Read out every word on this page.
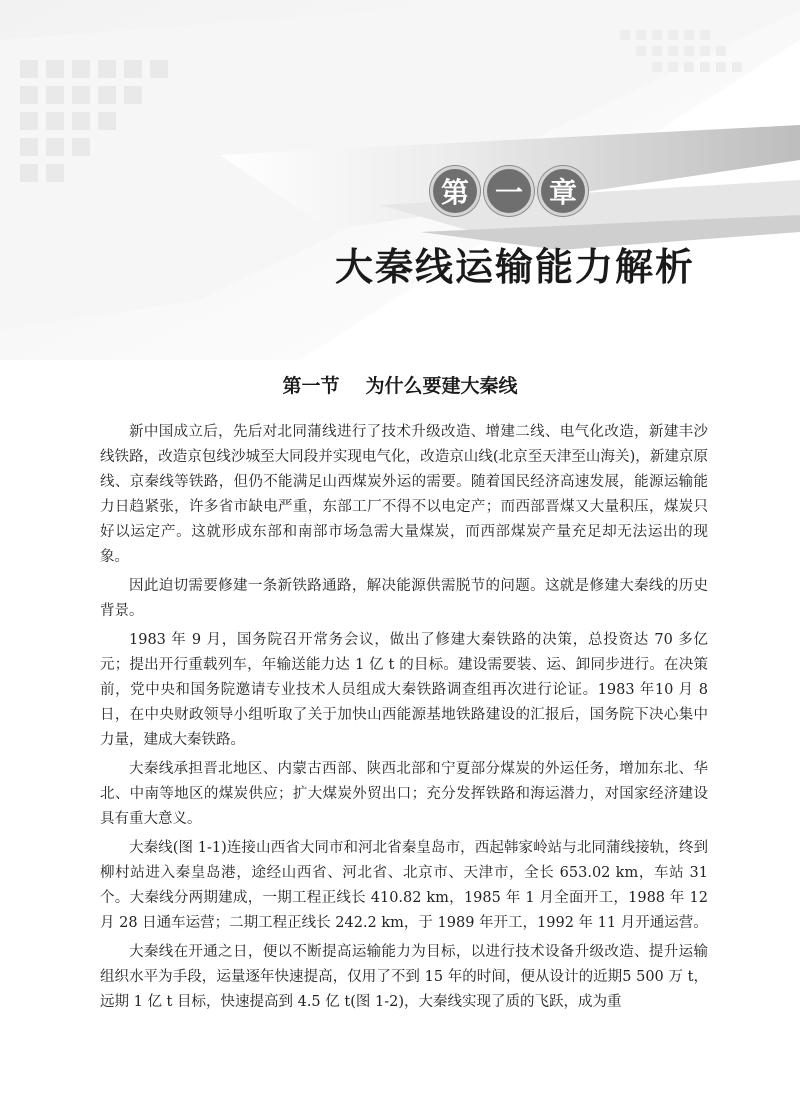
第 一 章
大秦线运输能力解析
第一节 为什么要建大秦线

新中国成立后，先后对北同蒲线进行了技术升级改造、增建二线、电气化改造，新建丰沙线铁路，改造京包线沙城至大同段并实现电气化，改造京山线(北京至天津至山海关)，新建京原线、京秦线等铁路，但仍不能满足山西煤炭外运的需要。随着国民经济高速发展，能源运输能力日趋紧张，许多省市缺电严重，东部工厂不得不以电定产；而西部晋煤又大量积压，煤炭只好以运定产。这就形成东部和南部市场急需大量煤炭，而西部煤炭产量充足却无法运出的现象。

因此迫切需要修建一条新铁路通路，解决能源供需脱节的问题。这就是修建大秦线的历史背景。

1983 年 9 月，国务院召开常务会议，做出了修建大秦铁路的决策，总投资达 70 多亿元；提出开行重载列车，年输送能力达 1 亿 t 的目标。建设需要装、运、卸同步进行。在决策前，党中央和国务院邀请专业技术人员组成大秦铁路调查组再次进行论证。1983 年10 月 8 日，在中央财政领导小组听取了关于加快山西能源基地铁路建设的汇报后，国务院下决心集中力量，建成大秦铁路。

大秦线承担晋北地区、内蒙古西部、陕西北部和宁夏部分煤炭的外运任务，增加东北、华北、中南等地区的煤炭供应；扩大煤炭外贸出口；充分发挥铁路和海运潜力，对国家经济建设具有重大意义。

大秦线(图 1-1)连接山西省大同市和河北省秦皇岛市，西起韩家岭站与北同蒲线接轨，终到柳村站进入秦皇岛港，途经山西省、河北省、北京市、天津市，全长 653.02 km，车站 31 个。大秦线分两期建成，一期工程正线长 410.82 km，1985 年 1 月全面开工，1988 年 12 月 28 日通车运营；二期工程正线长 242.2 km，于 1989 年开工，1992 年 11 月开通运营。

大秦线在开通之日，便以不断提高运输能力为目标，以进行技术设备升级改造、提升运输组织水平为手段，运量逐年快速提高，仅用了不到 15 年的时间，便从设计的近期5 500 万 t，远期 1 亿 t 目标，快速提高到 4.5 亿 t(图 1-2)，大秦线实现了质的飞跃，成为重
